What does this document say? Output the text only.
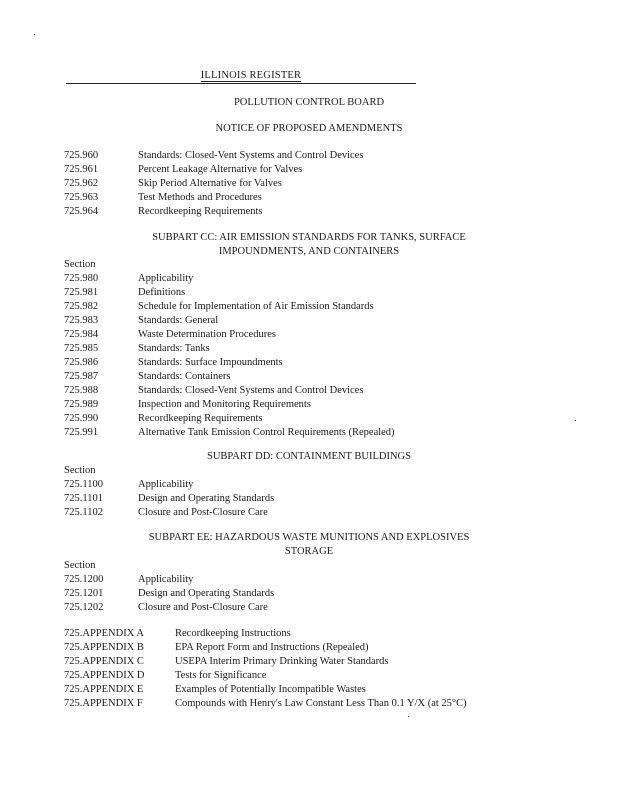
ILLINOIS REGISTER
POLLUTION CONTROL BOARD
NOTICE OF PROPOSED AMENDMENTS
725.960	Standards: Closed-Vent Systems and Control Devices
725.961	Percent Leakage Alternative for Valves
725.962	Skip Period Alternative for Valves
725.963	Test Methods and Procedures
725.964	Recordkeeping Requirements
SUBPART CC: AIR EMISSION STANDARDS FOR TANKS, SURFACE
IMPOUNDMENTS, AND CONTAINERS
Section
725.980	Applicability
725.981	Definitions
725.982	Schedule for Implementation of Air Emission Standards
725.983	Standards: General
725.984	Waste Determination Procedures
725.985	Standards: Tanks
725.986	Standards: Surface Impoundments
725.987	Standards: Containers
725.988	Standards: Closed-Vent Systems and Control Devices
725.989	Inspection and Monitoring Requirements
725.990	Recordkeeping Requirements
725.991	Alternative Tank Emission Control Requirements (Repealed)
SUBPART DD: CONTAINMENT BUILDINGS
Section
725.1100	Applicability
725.1101	Design and Operating Standards
725.1102	Closure and Post-Closure Care
SUBPART EE: HAZARDOUS WASTE MUNITIONS AND EXPLOSIVES
STORAGE
Section
725.1200	Applicability
725.1201	Design and Operating Standards
725.1202	Closure and Post-Closure Care
725.APPENDIX A	Recordkeeping Instructions
725.APPENDIX B	EPA Report Form and Instructions (Repealed)
725.APPENDIX C	USEPA Interim Primary Drinking Water Standards
725.APPENDIX D	Tests for Significance
725.APPENDIX E	Examples of Potentially Incompatible Wastes
725.APPENDIX F	Compounds with Henry's Law Constant Less Than 0.1 Y/X (at 25°C)
